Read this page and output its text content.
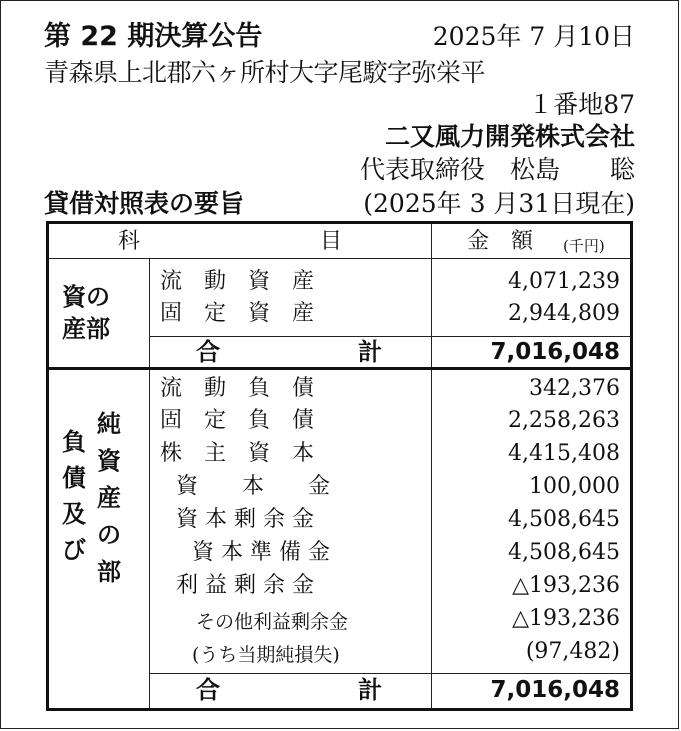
第 22 期決算公告	2025年 7 月10日
青森県上北郡六ヶ所村大字尾駮字弥栄平
１番地87
二又風力開発株式会社
代表取締役　松島　　聡
貸借対照表の要旨	(2025年 3 月31日現在)
科	目	金　額 (千円)
資の
産部
流　動　資　産	4,071,239
固　定　資　産	2,944,809
合	計	7,016,048
負債及び
純資産の部
流　動　負　債	342,376
固　定　負　債	2,258,263
株　主　資　本	4,415,408
資　　本　　金	100,000
資 本 剰 余 金	4,508,645
資 本 準 備 金	4,508,645
利 益 剰 余 金	△193,236
その他利益剰余金	△193,236
(うち当期純損失)	(97,482)
合	計	7,016,048
